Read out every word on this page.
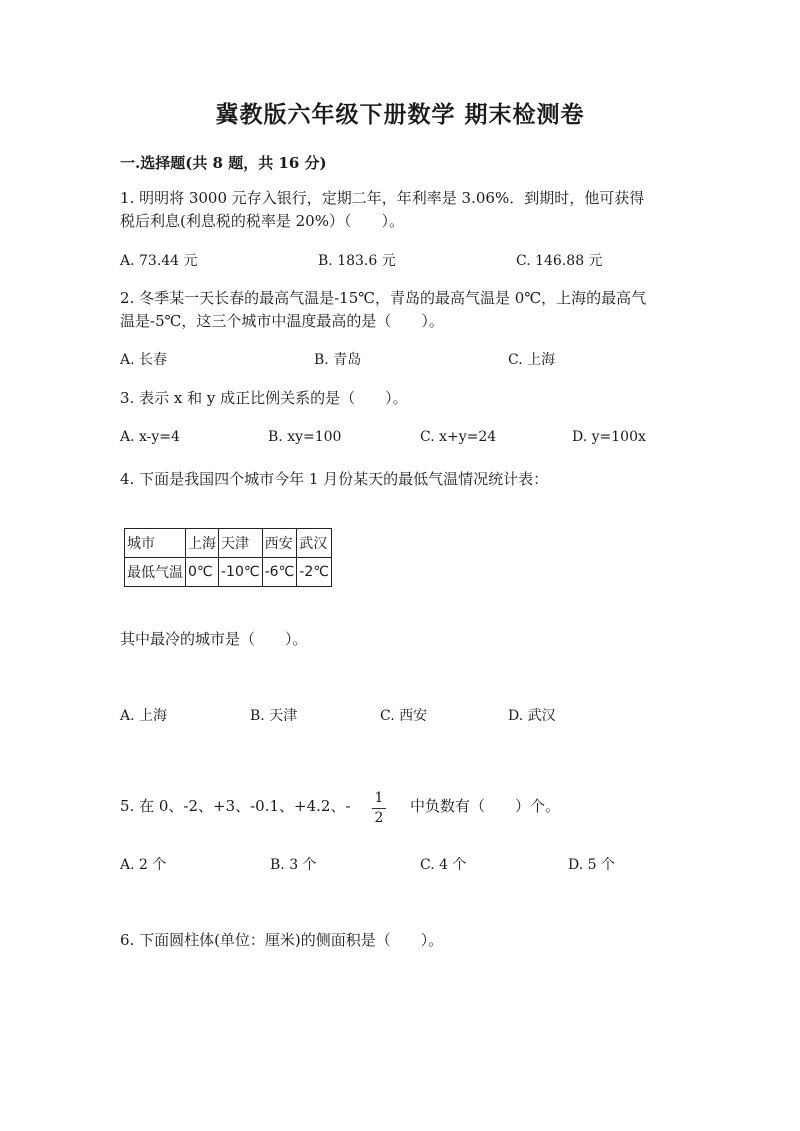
冀教版六年级下册数学 期末检测卷
一.选择题(共 8 题，共 16 分)
1. 明明将 3000 元存入银行，定期二年，年利率是 3.06%．到期时，他可获得
税后利息(利息税的税率是 20%）（　　）。
A. 73.44 元	B. 183.6 元	C. 146.88 元
2. 冬季某一天长春的最高气温是-15℃，青岛的最高气温是 0℃，上海的最高气
温是-5℃，这三个城市中温度最高的是（　　）。
A. 长春	B. 青岛	C. 上海
3. 表示 x 和 y 成正比例关系的是（　　）。
A. x-y=4	B. xy=100	C. x+y=24	D. y=100x
4. 下面是我国四个城市今年 1 月份某天的最低气温情况统计表：
城市	上海	天津	西安	武汉
最低气温	0℃	-10℃	-6℃	-2℃
其中最冷的城市是（　　）。
A. 上海	B. 天津	C. 西安	D. 武汉
5. 在 0、-2、+3、-0.1、+4.2、- 1
2
中负数有（　　）个。
A. 2 个	B. 3 个	C. 4 个	D. 5 个
6. 下面圆柱体(单位：厘米)的侧面积是（　　）。
